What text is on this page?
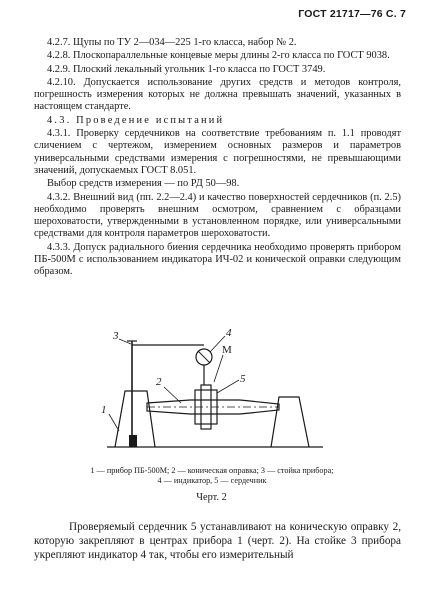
ГОСТ 21717—76 С. 7

4.2.7. Щупы по ТУ 2—034—225 1-го класса, набор № 2.

4.2.8. Плоскопараллельные концевые меры длины 2-го класса по ГОСТ 9038.

4.2.9. Плоский лекальный угольник 1-го класса по ГОСТ 3749.

4.2.10. Допускается использование других средств и методов контроля, погрешность измерения которых не должна превышать значений, указанных в настоящем стандарте.

4.3. Проведение испытаний

4.3.1. Проверку сердечников на соответствие требованиям п. 1.1 проводят сличением с чертежом, измерением основных размеров и параметров универсальными средствами измерения с погрешностями, не превышающими значений, допускаемых ГОСТ 8.051.

Выбор средств измерения — по РД 50—98.

4.3.2. Внешний вид (пп. 2.2—2.4) и качество поверхностей сердечников (п. 2.5) необходимо проверять внешним осмотром, сравнением с образцами шероховатости, утвержденными в установленном порядке, или универсальными средствами для контроля параметров шероховатости.

4.3.3. Допуск радиального биения сердечника необходимо проверять прибором ПБ-500М с использованием индикатора ИЧ-02 и конической оправки следующим образом.

1
2
3	4
М
5
1 — прибор ПБ-500М; 2 — коническая оправка; 3 — стойка прибора;
4 — индикатор, 5 — сердечник
Черт. 2

Проверяемый сердечник 5 устанавливают на коническую оправку 2, которую закрепляют в центрах прибора 1 (черт. 2). На стойке 3 прибора укрепляют индикатор 4 так, чтобы его измерительный
